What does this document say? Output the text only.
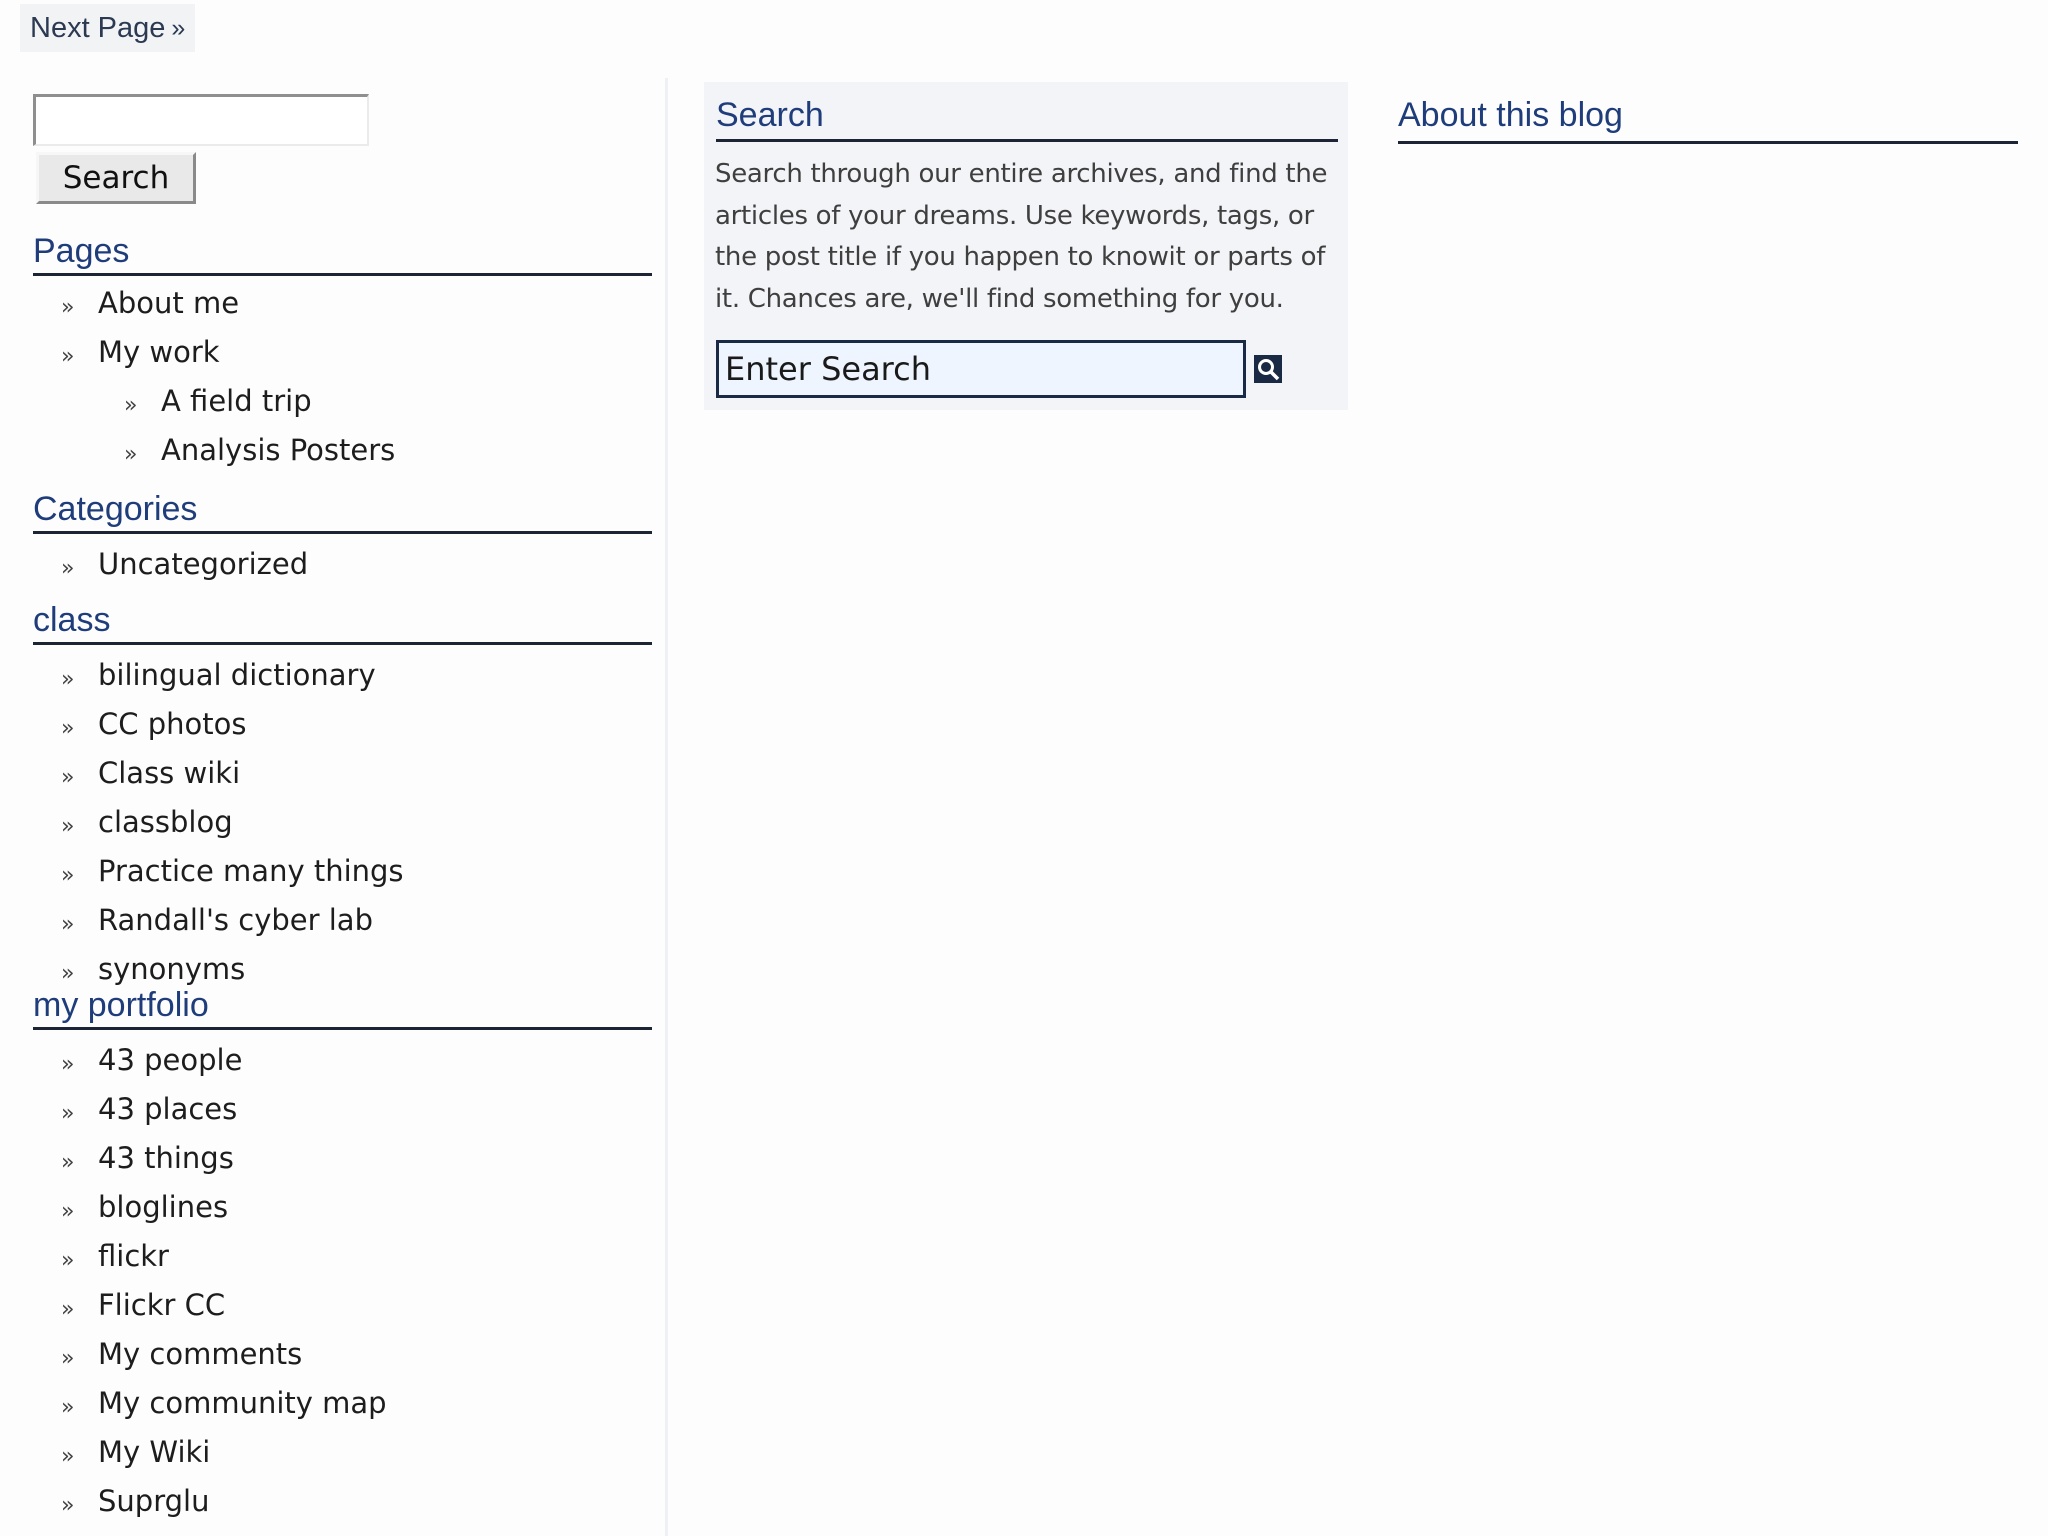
Next Page »
Search
Pages
» About me
» My work
» A field trip
» Analysis Posters
Categories
» Uncategorized
class
» bilingual dictionary
» CC photos
» Class wiki
» classblog
» Practice many things
» Randall's cyber lab
» synonyms
my portfolio
» 43 people
» 43 places
» 43 things
» bloglines
» flickr
» Flickr CC
» My comments
» My community map
» My Wiki
» Suprglu
Search

Search through our entire archives, and find the articles of your dreams. Use keywords, tags, or the post title if you happen to knowit or parts of it. Chances are, we'll find something for you.

Enter Search
About this blog
